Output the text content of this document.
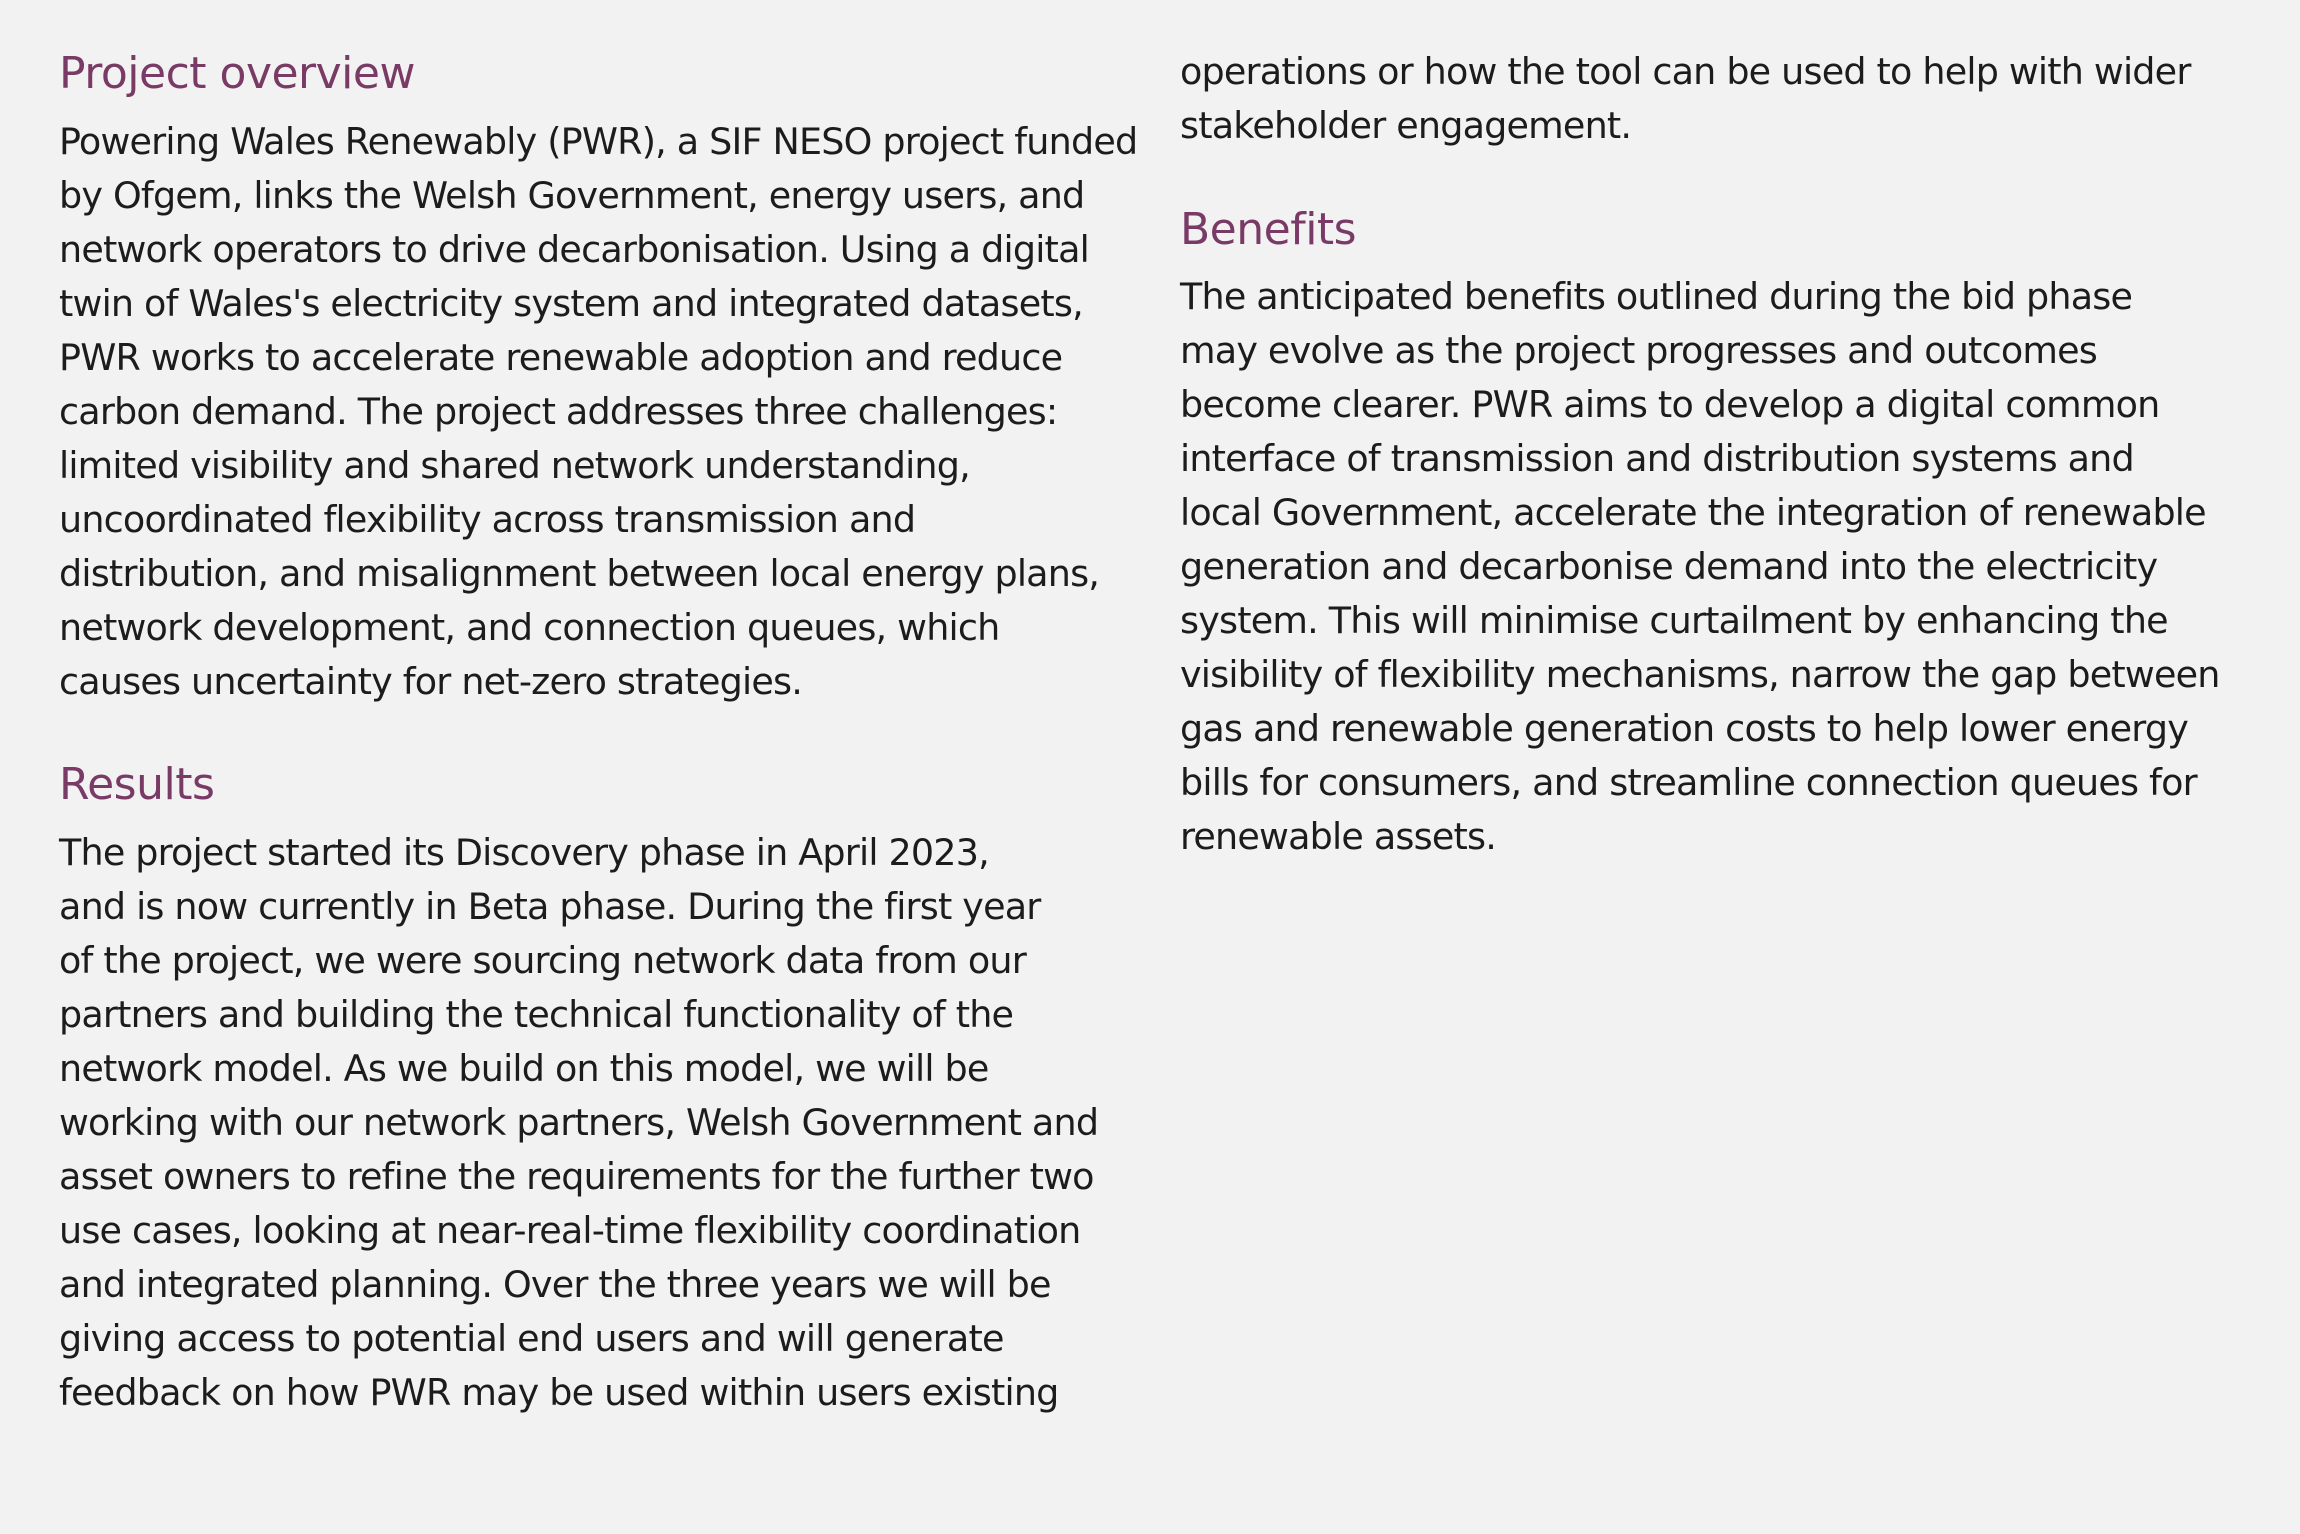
Project overview

Powering Wales Renewably (PWR), a SIF NESO project funded
by Ofgem, links the Welsh Government, energy users, and
network operators to drive decarbonisation. Using a digital
twin of Wales's electricity system and integrated datasets,
PWR works to accelerate renewable adoption and reduce
carbon demand. The project addresses three challenges:
limited visibility and shared network understanding,
uncoordinated flexibility across transmission and
distribution, and misalignment between local energy plans,
network development, and connection queues, which
causes uncertainty for net-zero strategies.

Results

The project started its Discovery phase in April 2023,
and is now currently in Beta phase. During the first year
of the project, we were sourcing network data from our
partners and building the technical functionality of the
network model. As we build on this model, we will be
working with our network partners, Welsh Government and
asset owners to refine the requirements for the further two
use cases, looking at near-real-time flexibility coordination
and integrated planning. Over the three years we will be
giving access to potential end users and will generate
feedback on how PWR may be used within users existing

operations or how the tool can be used to help with wider
stakeholder engagement.

Benefits

The anticipated benefits outlined during the bid phase
may evolve as the project progresses and outcomes
become clearer. PWR aims to develop a digital common
interface of transmission and distribution systems and
local Government, accelerate the integration of renewable
generation and decarbonise demand into the electricity
system. This will minimise curtailment by enhancing the
visibility of flexibility mechanisms, narrow the gap between
gas and renewable generation costs to help lower energy
bills for consumers, and streamline connection queues for
renewable assets.
